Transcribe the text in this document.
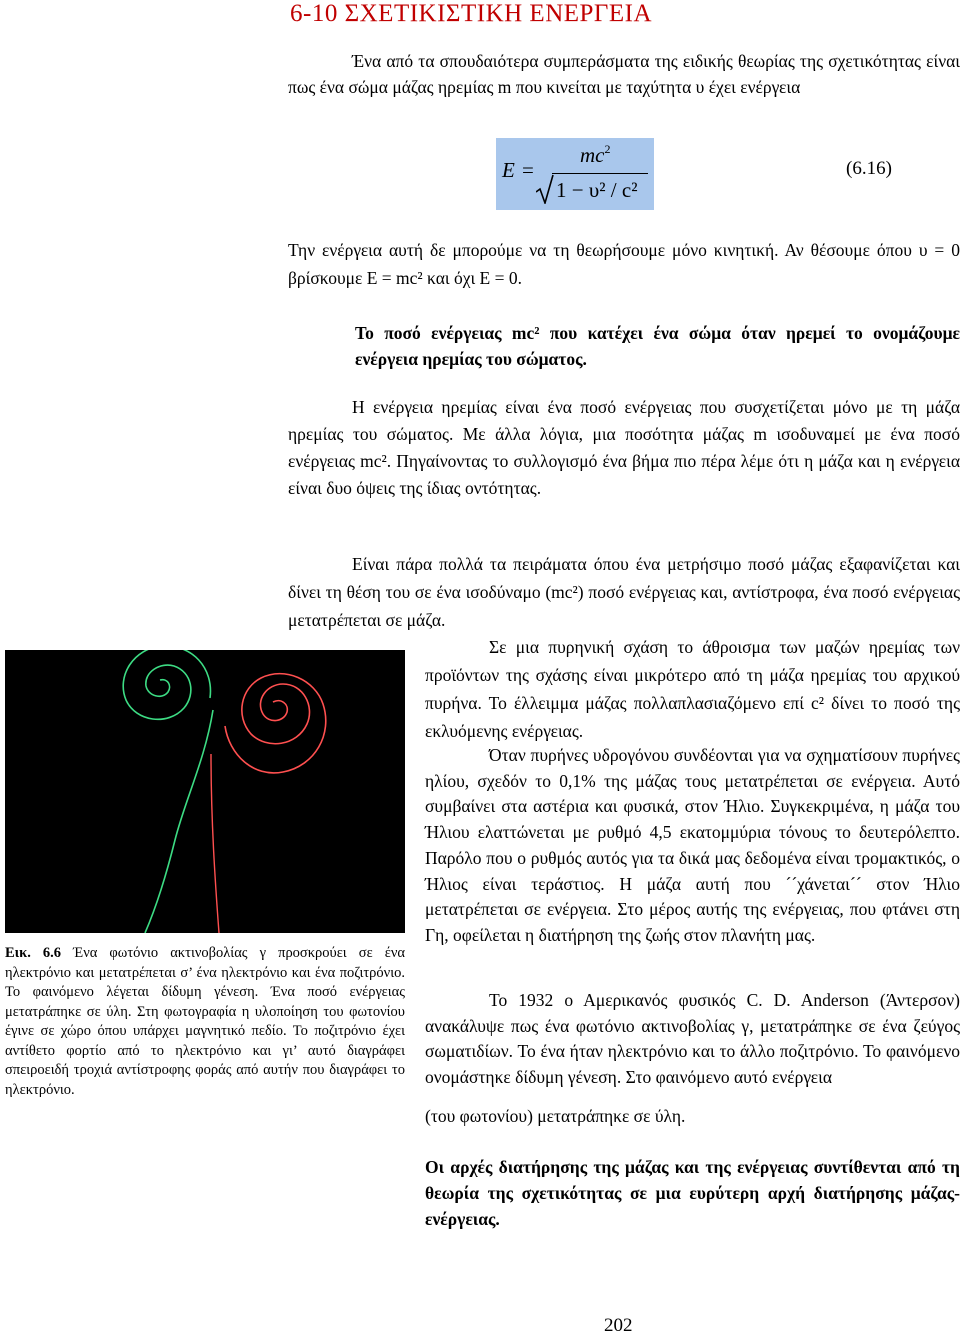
6-10 ΣΧΕΤΙΚΙΣΤΙΚΗ ΕΝΕΡΓΕΙΑ

Ένα από τα σπουδαιότερα συμπεράσματα της ειδικής θεωρίας της σχετικότητας είναι πως ένα σώμα μάζας ηρεμίας m που κινείται με ταχύτητα υ έχει ενέργεια

E =
$mc^2$
1 − υ² / c²
(6.16)

Την ενέργεια αυτή δε μπορούμε να τη θεωρήσουμε μόνο κινητική. Αν θέσουμε όπου υ = 0 βρίσκουμε E = mc² και όχι E = 0.

Το ποσό ενέργειας mc² που κατέχει ένα σώμα όταν ηρεμεί το ονομάζουμε ενέργεια ηρεμίας του σώματος.

Η ενέργεια ηρεμίας είναι ένα ποσό ενέργειας που συσχετίζεται μόνο με τη μάζα ηρεμίας του σώματος. Με άλλα λόγια, μια ποσότητα μάζας m ισοδυναμεί με ένα ποσό ενέργειας mc². Πηγαίνοντας το συλλογισμό ένα βήμα πιο πέρα λέμε ότι η μάζα και η ενέργεια είναι δυο όψεις της ίδιας οντότητας.

Είναι πάρα πολλά τα πειράματα όπου ένα μετρήσιμο ποσό μάζας εξαφανίζεται και δίνει τη θέση του σε ένα ισοδύναμο (mc²) ποσό ενέργειας και, αντίστροφα, ένα ποσό ενέργειας μετατρέπεται σε μάζα.

Εικ. 6.6 Ένα φωτόνιο ακτινοβολίας γ προσκρούει σε ένα ηλεκτρόνιο και μετατρέπεται σ’ ένα ηλεκτρόνιο και ένα ποζιτρόνιο. Το φαινόμενο λέγεται δίδυμη γένεση. Ένα ποσό ενέργειας μετατράπηκε σε ύλη. Στη φωτογραφία η υλοποίηση του φωτονίου έγινε σε χώρο όπου υπάρχει μαγνητικό πεδίο. Το ποζιτρόνιο έχει αντίθετο φορτίο από το ηλεκτρόνιο και γι’ αυτό διαγράφει σπειροειδή τροχιά αντίστροφης φοράς από αυτήν που διαγράφει το ηλεκτρόνιο.

Σε μια πυρηνική σχάση το άθροισμα των μαζών ηρεμίας των προϊόντων της σχάσης είναι μικρότερο από τη μάζα ηρεμίας του αρχικού πυρήνα. Το έλλειμμα μάζας πολλαπλασιαζόμενο επί c² δίνει το ποσό της εκλυόμενης ενέργειας.

Όταν πυρήνες υδρογόνου συνδέονται για να σχηματίσουν πυρήνες ηλίου, σχεδόν το 0,1% της μάζας τους μετατρέπεται σε ενέργεια. Αυτό συμβαίνει στα αστέρια και φυσικά, στον Ήλιο. Συγκεκριμένα, η μάζα του Ήλιου ελαττώνεται με ρυθμό 4,5 εκατομμύρια τόνους το δευτερόλεπτο. Παρόλο που ο ρυθμός αυτός για τα δικά μας δεδομένα είναι τρομακτικός, ο Ήλιος είναι τεράστιος. Η μάζα αυτή που ´´χάνεται´´ στον Ήλιο μετατρέπεται σε ενέργεια. Στο μέρος αυτής της ενέργειας, που φτάνει στη Γη, οφείλεται η διατήρηση της ζωής στον πλανήτη μας.

Το 1932 ο Αμερικανός φυσικός C. D. Anderson (Άντερσον) ανακάλυψε πως ένα φωτόνιο ακτινοβολίας γ, μετατράπηκε σε ένα ζεύγος σωματιδίων. Το ένα ήταν ηλεκτρόνιο και το άλλο ποζιτρόνιο. Το φαινόμενο ονομάστηκε δίδυμη γένεση. Στο φαινόμενο αυτό ενέργεια

(του φωτονίου) μετατράπηκε σε ύλη.

Οι αρχές διατήρησης της μάζας και της ενέργειας συντίθενται από τη θεωρία της σχετικότητας σε μια ευρύτερη αρχή διατήρησης μάζας-ενέργειας.

202
